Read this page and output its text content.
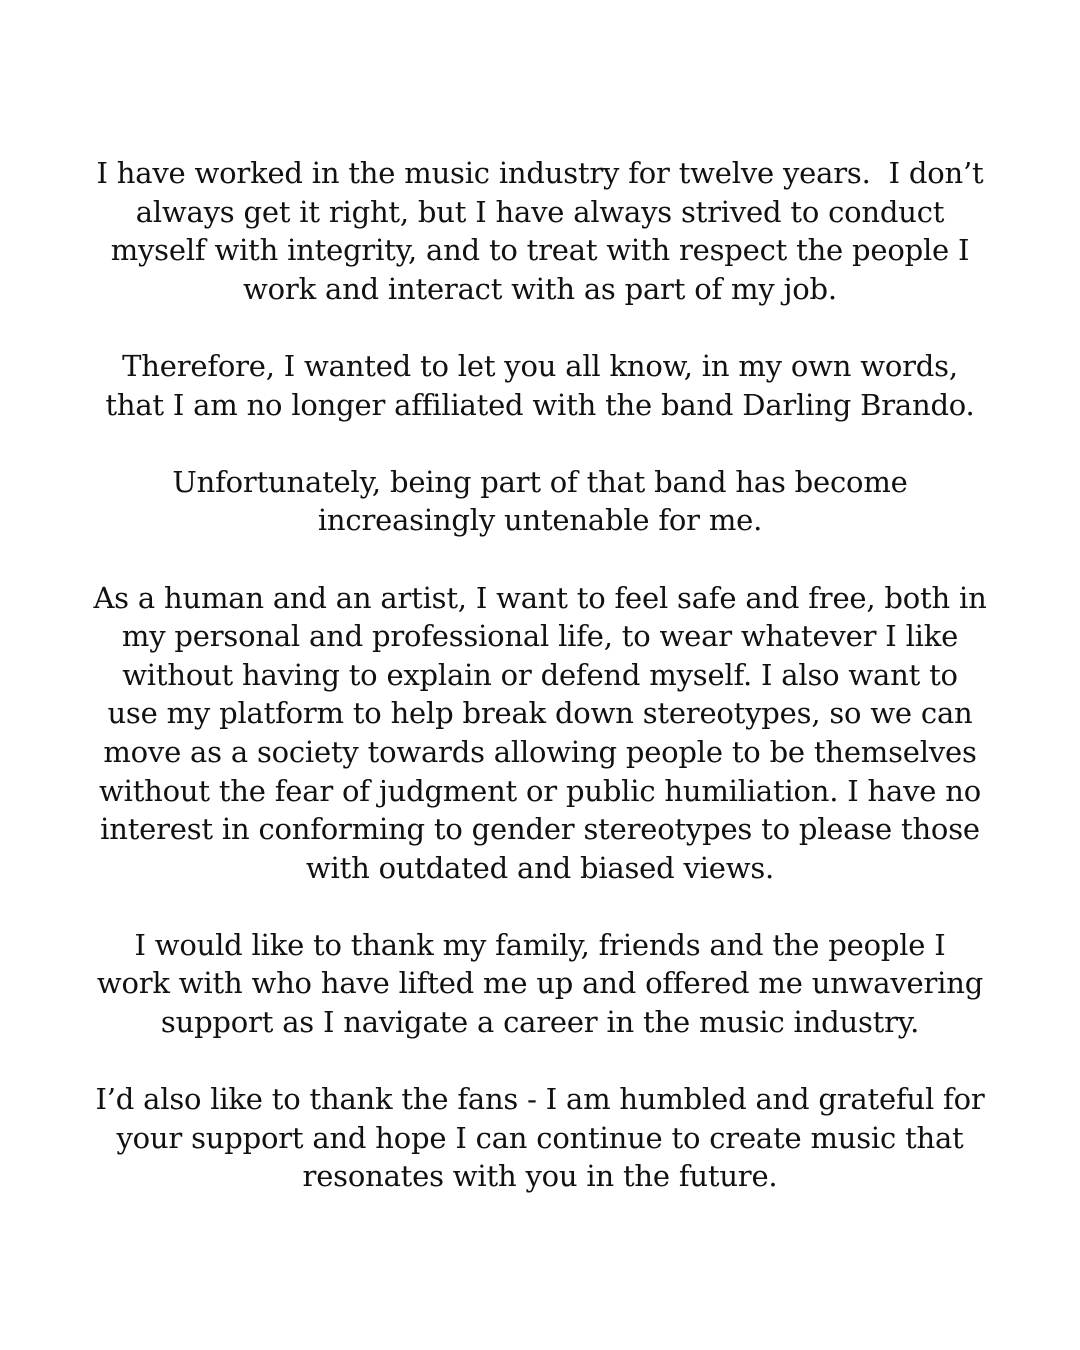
I have worked in the music industry for twelve years.  I don’t
always get it right, but I have always strived to conduct
myself with integrity, and to treat with respect the people I
work and interact with as part of my job.

Therefore, I wanted to let you all know, in my own words,
that I am no longer affiliated with the band Darling Brando.

Unfortunately, being part of that band has become
increasingly untenable for me.

As a human and an artist, I want to feel safe and free, both in
my personal and professional life, to wear whatever I like
without having to explain or defend myself. I also want to
use my platform to help break down stereotypes, so we can
move as a society towards allowing people to be themselves
without the fear of judgment or public humiliation. I have no
interest in conforming to gender stereotypes to please those
with outdated and biased views.

I would like to thank my family, friends and the people I
work with who have lifted me up and offered me unwavering
support as I navigate a career in the music industry.

I’d also like to thank the fans - I am humbled and grateful for
your support and hope I can continue to create music that
resonates with you in the future.
